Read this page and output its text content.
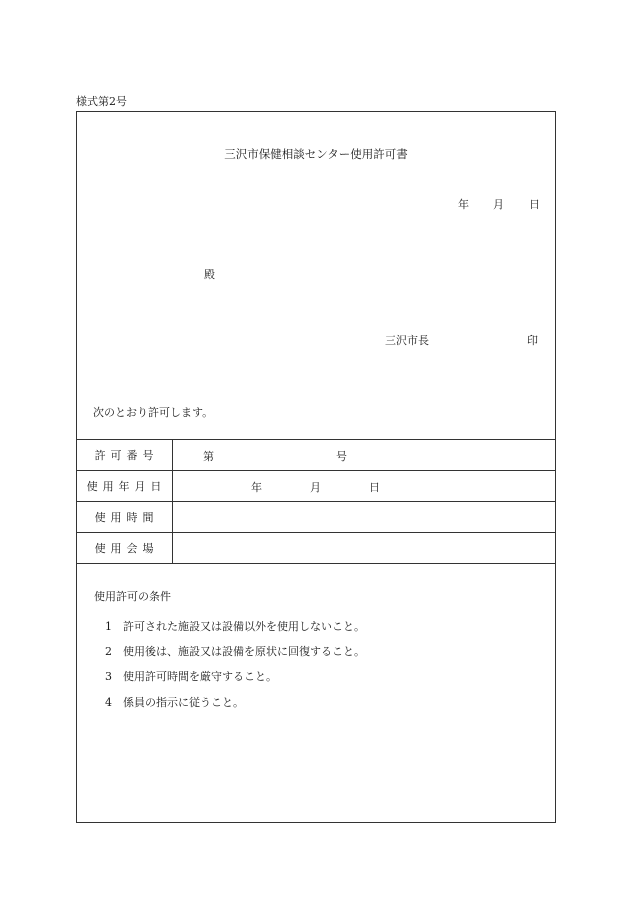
様式第2号
三沢市保健相談センター使用許可書
年 月 日
殿
三沢市長	印
次のとおり許可します。
許可番号	第	号
使用年月日	年	月	日
使用時間
使用会場
使用許可の条件
1 許可された施設又は設備以外を使用しないこと。
2 使用後は、施設又は設備を原状に回復すること。
3 使用許可時間を厳守すること。
4 係員の指示に従うこと。
